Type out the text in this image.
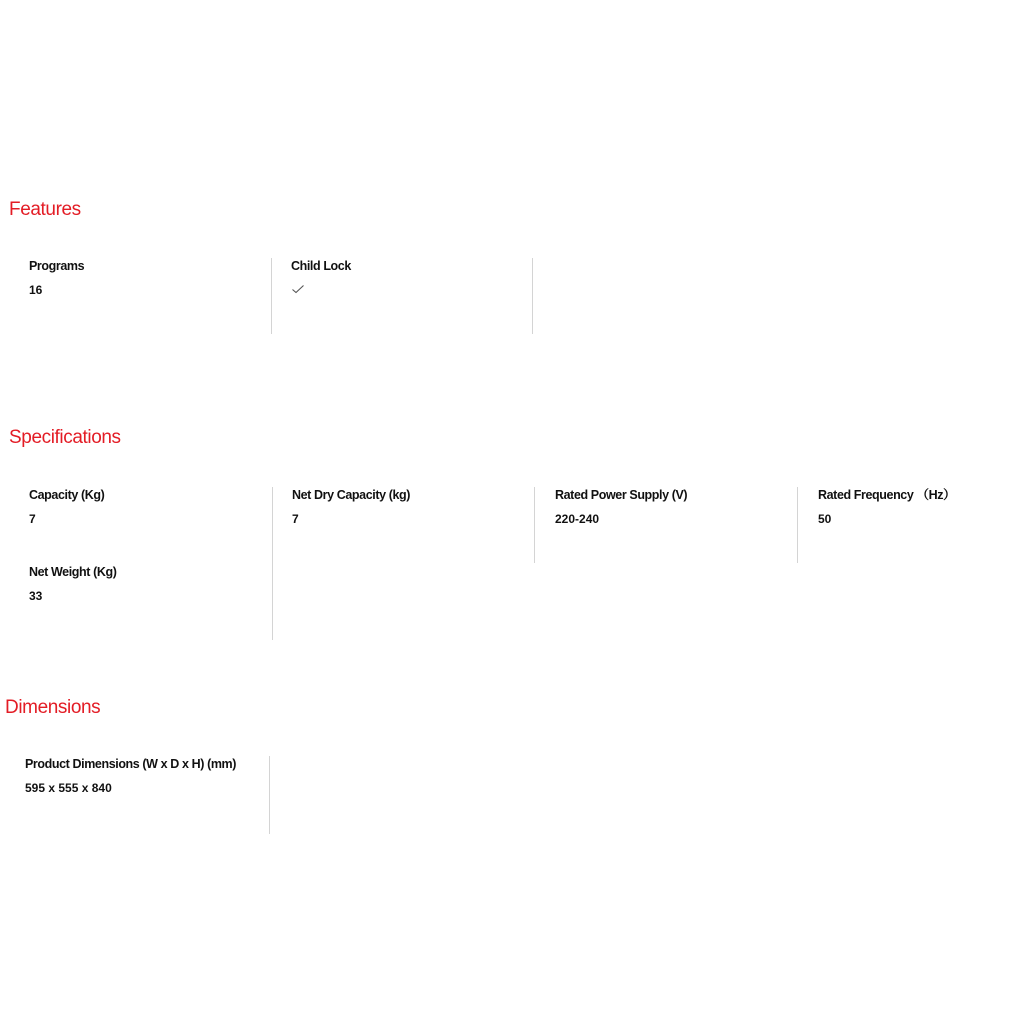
Features
Programs
16
Child Lock
Specifications
Capacity (Kg)
7
Net Dry Capacity (kg)
7
Rated Power Supply (V)
220-240
Rated Frequency （Hz）
50
Net Weight (Kg)
33
Dimensions
Product Dimensions (W x D x H) (mm)
595 x 555 x 840
